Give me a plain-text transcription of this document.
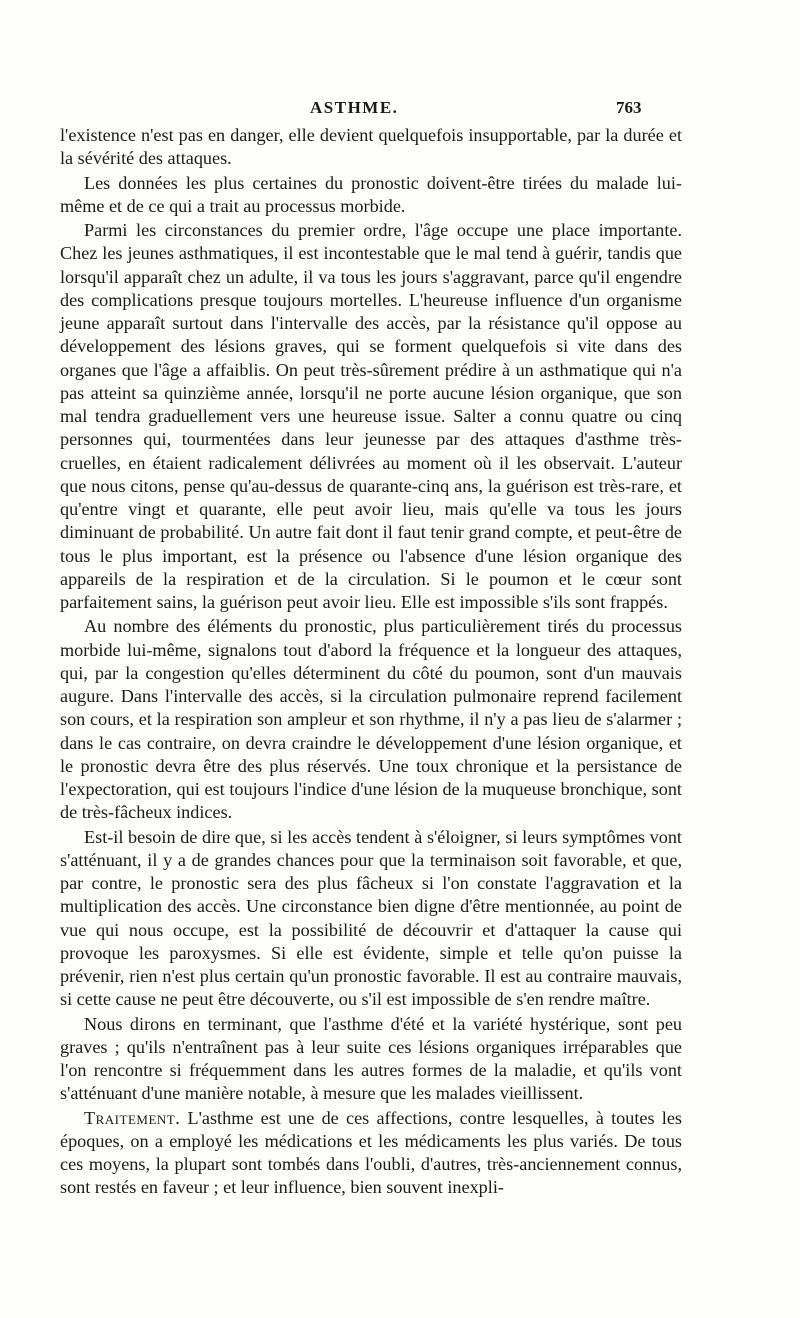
ASTHME.	763

l'existence n'est pas en danger, elle devient quelquefois insupportable, par la durée et la sévérité des attaques.

Les données les plus certaines du pronostic doivent-être tirées du malade lui-même et de ce qui a trait au processus morbide.

Parmi les circonstances du premier ordre, l'âge occupe une place importante. Chez les jeunes asthmatiques, il est incontestable que le mal tend à guérir, tandis que lorsqu'il apparaît chez un adulte, il va tous les jours s'aggravant, parce qu'il engendre des complications presque toujours mortelles. L'heureuse influence d'un organisme jeune apparaît surtout dans l'intervalle des accès, par la résistance qu'il oppose au développement des lésions graves, qui se forment quelquefois si vite dans des organes que l'âge a affaiblis. On peut très-sûrement prédire à un asthmatique qui n'a pas atteint sa quinzième année, lorsqu'il ne porte aucune lésion organique, que son mal tendra graduellement vers une heureuse issue. Salter a connu quatre ou cinq personnes qui, tourmentées dans leur jeunesse par des attaques d'asthme très-cruelles, en étaient radicalement délivrées au moment où il les observait. L'auteur que nous citons, pense qu'au-dessus de quarante-cinq ans, la guérison est très-rare, et qu'entre vingt et quarante, elle peut avoir lieu, mais qu'elle va tous les jours diminuant de probabilité. Un autre fait dont il faut tenir grand compte, et peut-être de tous le plus important, est la présence ou l'absence d'une lésion organique des appareils de la respiration et de la circulation. Si le poumon et le cœur sont parfaitement sains, la guérison peut avoir lieu. Elle est impossible s'ils sont frappés.

Au nombre des éléments du pronostic, plus particulièrement tirés du processus morbide lui-même, signalons tout d'abord la fréquence et la longueur des attaques, qui, par la congestion qu'elles déterminent du côté du poumon, sont d'un mauvais augure. Dans l'intervalle des accès, si la circulation pulmonaire reprend facilement son cours, et la respiration son ampleur et son rhythme, il n'y a pas lieu de s'alarmer ; dans le cas contraire, on devra craindre le développement d'une lésion organique, et le pronostic devra être des plus réservés. Une toux chronique et la persistance de l'expectoration, qui est toujours l'indice d'une lésion de la muqueuse bronchique, sont de très-fâcheux indices.

Est-il besoin de dire que, si les accès tendent à s'éloigner, si leurs symptômes vont s'atténuant, il y a de grandes chances pour que la terminaison soit favorable, et que, par contre, le pronostic sera des plus fâcheux si l'on constate l'aggravation et la multiplication des accès. Une circonstance bien digne d'être mentionnée, au point de vue qui nous occupe, est la possibilité de découvrir et d'attaquer la cause qui provoque les paroxysmes. Si elle est évidente, simple et telle qu'on puisse la prévenir, rien n'est plus certain qu'un pronostic favorable. Il est au contraire mauvais, si cette cause ne peut être découverte, ou s'il est impossible de s'en rendre maître.

Nous dirons en terminant, que l'asthme d'été et la variété hystérique, sont peu graves ; qu'ils n'entraînent pas à leur suite ces lésions organiques irréparables que l'on rencontre si fréquemment dans les autres formes de la maladie, et qu'ils vont s'atténuant d'une manière notable, à mesure que les malades vieillissent.

Traitement. L'asthme est une de ces affections, contre lesquelles, à toutes les époques, on a employé les médications et les médicaments les plus variés. De tous ces moyens, la plupart sont tombés dans l'oubli, d'autres, très-anciennement connus, sont restés en faveur ; et leur influence, bien souvent inexpli-
